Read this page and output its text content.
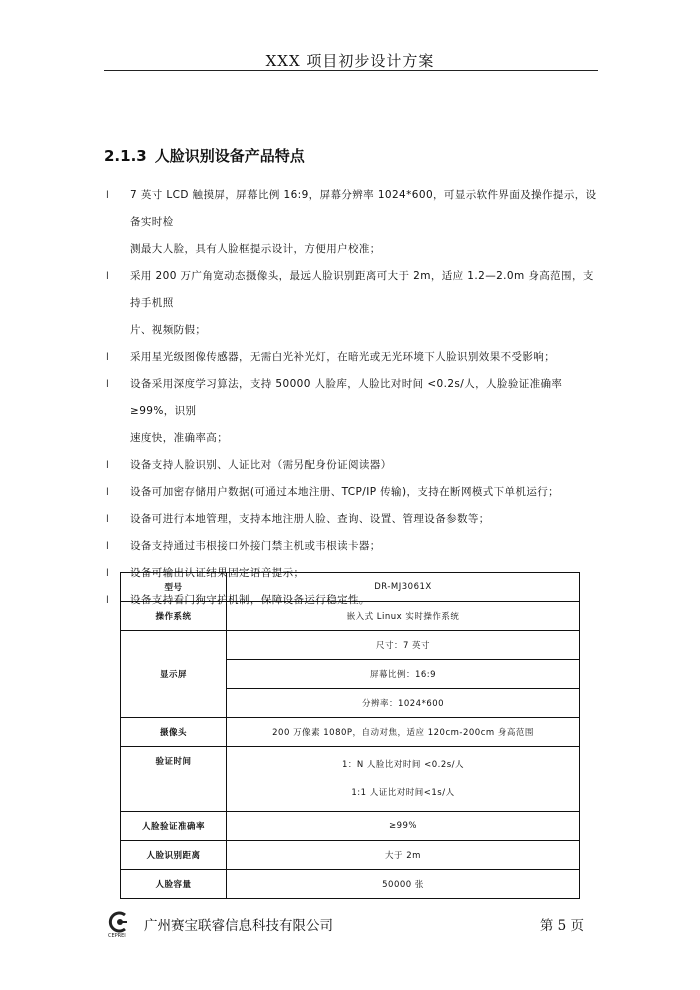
XXX 项目初步设计方案
2.1.3 人脸识别设备产品特点
l 7 英寸 LCD 触摸屏，屏幕比例 16:9，屏幕分辨率 1024*600，可显示软件界面及操作提示，设备实时检
测最大人脸，具有人脸框提示设计，方便用户校准；
l 采用 200 万广角宽动态摄像头，最远人脸识别距离可大于 2m，适应 1.2—2.0m 身高范围，支持手机照
片、视频防假；
l 采用星光级图像传感器，无需白光补光灯，在暗光或无光环境下人脸识别效果不受影响；
l 设备采用深度学习算法，支持 50000 人脸库，人脸比对时间 <0.2s/人，人脸验证准确率≥99%，识别
速度快，准确率高；
l 设备支持人脸识别、人证比对（需另配身份证阅读器）
l 设备可加密存储用户数据(可通过本地注册、TCP/IP 传输)，支持在断网模式下单机运行；
l 设备可进行本地管理，支持本地注册人脸、查询、设置、管理设备参数等；
l 设备支持通过韦根接口外接门禁主机或韦根读卡器；
l 设备可输出认证结果固定语音提示；
l 设备支持看门狗守护机制，保障设备运行稳定性。
型号	DR-MJ3061X
操作系统	嵌入式 Linux 实时操作系统
显示屏	尺寸：7 英寸
	屏幕比例：16:9
	分辨率：1024*600
摄像头	200 万像素 1080P，自动对焦，适应 120cm-200cm 身高范围
验证时间	1：N 人脸比对时间 <0.2s/人
1:1 人证比对时间<1s/人

人脸验证准确率	≥99%
人脸识别距离	大于 2m
人脸容量	50000 张
CEPREI
广州赛宝联睿信息科技有限公司	第 5 页
